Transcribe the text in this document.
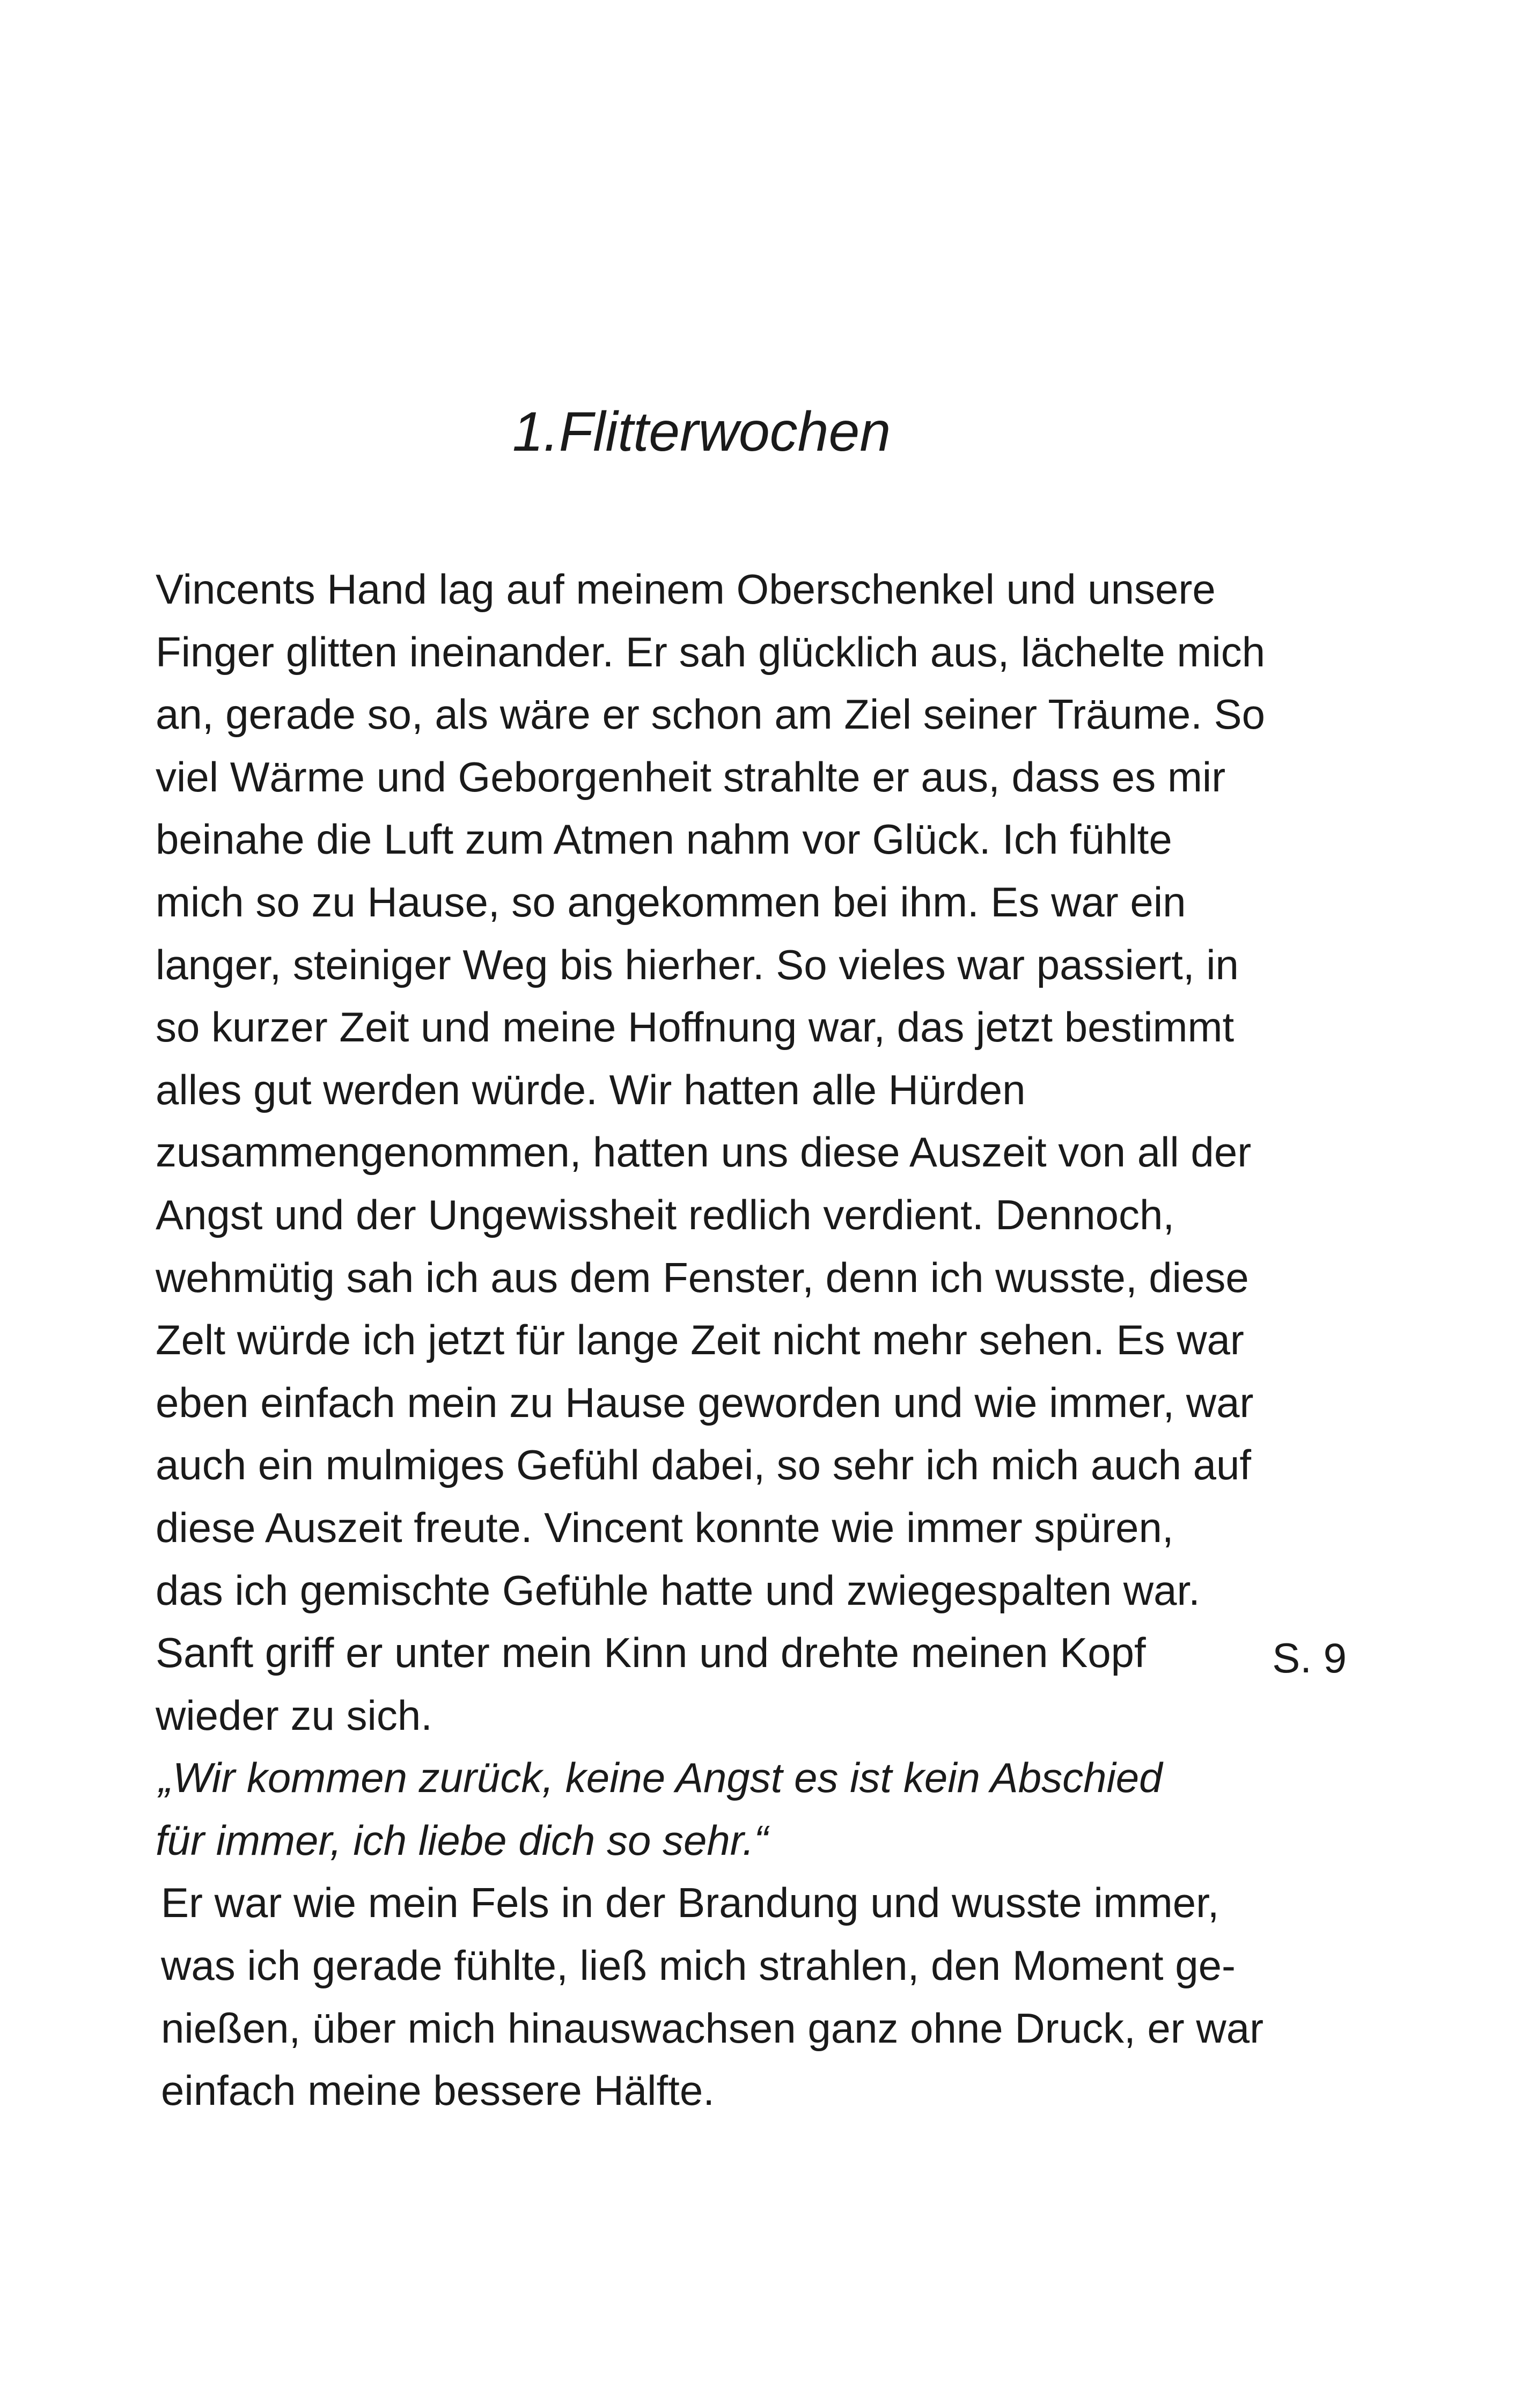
1.Flitterwochen
Vincents Hand lag auf meinem Oberschenkel und unsere
Finger glitten ineinander. Er sah glücklich aus, lächelte mich
an, gerade so, als wäre er schon am Ziel seiner Träume. So
viel Wärme und Geborgenheit strahlte er aus, dass es mir
beinahe die Luft zum Atmen nahm vor Glück. Ich fühlte
mich so zu Hause, so angekommen bei ihm. Es war ein
langer, steiniger Weg bis hierher. So vieles war passiert, in
so kurzer Zeit und meine Hoffnung war, das jetzt bestimmt
alles gut werden würde. Wir hatten alle Hürden
zusammengenommen, hatten uns diese Auszeit von all der
Angst und der Ungewissheit redlich verdient. Dennoch,
wehmütig sah ich aus dem Fenster, denn ich wusste, diese
Zelt würde ich jetzt für lange Zeit nicht mehr sehen. Es war
eben einfach mein zu Hause geworden und wie immer, war
auch ein mulmiges Gefühl dabei, so sehr ich mich auch auf
diese Auszeit freute. Vincent konnte wie immer spüren,
das ich gemischte Gefühle hatte und zwiegespalten war.
Sanft griff er unter mein Kinn und drehte meinen Kopf
wieder zu sich.
„Wir kommen zurück, keine Angst es ist kein Abschied
für immer, ich liebe dich so sehr.“
Er war wie mein Fels in der Brandung und wusste immer,
was ich gerade fühlte, ließ mich strahlen, den Moment ge-
nießen, über mich hinauswachsen ganz ohne Druck, er war
einfach meine bessere Hälfte.
S. 9
